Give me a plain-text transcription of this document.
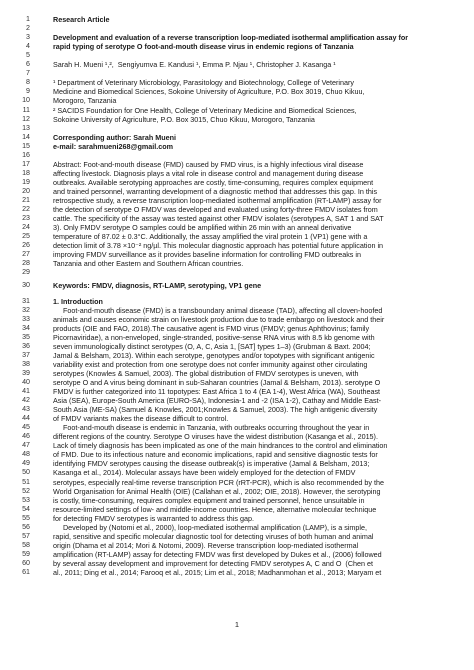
1	Research Article
2
3	Development and evaluation of a reverse transcription loop-mediated isothermal amplification assay for
4	rapid typing of serotype O foot-and-mouth disease virus in endemic regions of Tanzania
5
6	Sarah H. Mueni ¹,²,  Sengiyumva E. Kandusi ¹, Emma P. Njau ¹, Christopher J. Kasanga ¹
7
8	¹ Department of Veterinary Microbiology, Parasitology and Biotechnology, College of Veterinary
9	Medicine and Biomedical Sciences, Sokoine University of Agriculture, P.O. Box 3019, Chuo Kikuu,
10	Morogoro, Tanzania
11	² SACIDS Foundation for One Health, College of Veterinary Medicine and Biomedical Sciences,
12	Sokoine University of Agriculture, P.O. Box 3015, Chuo Kikuu, Morogoro, Tanzania
13
14	Corresponding author: Sarah Mueni
15	e-mail: sarahmueni268@gmail.com
16
17	Abstract: Foot-and-mouth disease (FMD) caused by FMD virus, is a highly infectious viral disease
18	affecting livestock. Diagnosis plays a vital role in disease control and management during disease
19	outbreaks. Available serotyping approaches are costly, time-consuming, requires complex equipment
20	and trained personnel, warranting development of a diagnostic method that addresses this gap. In this
21	retrospective study, a reverse transcription loop-mediated isothermal amplification (RT-LAMP) assay for
22	the detection of serotype O FMDV was developed and evaluated using forty-three FMDV isolates from
23	cattle. The specificity of the assay was tested against other FMDV isolates (serotypes A, SAT 1 and SAT
24	3). Only FMDV serotype O samples could be amplified within 26 min with an anneal derivative
25	temperature of 87.02 ± 0.3°C. Additionally, the assay amplified the viral protein 1 (VP1) gene with a
26	detection limit of 3.78 ×10⁻² ng/µl. This molecular diagnostic approach has potential future application in
27	improving FMDV surveillance as it provides baseline information for controlling FMD outbreaks in
28	Tanzania and other Eastern and Southern African countries.
29
30	Keywords: FMDV, diagnosis, RT-LAMP, serotyping, VP1 gene
31	1. Introduction
32	Foot-and-mouth disease (FMD) is a transboundary animal disease (TAD), affecting all cloven-hoofed
33	animals and causes economic strain on livestock production due to trade embargo on livestock and their
34	products (OIE and FAO, 2018).The causative agent is FMD virus (FMDV; genus Aphthovirus; family
35	Picornaviridae), a non-enveloped, single-stranded, positive-sense RNA virus with 8.5 kb genome with
36	seven immunologically distinct serotypes (O, A, C, Asia 1, [SAT] types 1–3) (Grubman & Baxt. 2004;
37	Jamal & Belsham, 2013). Within each serotype, genotypes and/or topotypes with significant antigenic
38	variability exist and protection from one serotype does not confer immunity against other circulating
39	serotypes (Knowles & Samuel, 2003). The global distribution of FMDV serotypes is uneven, with
40	serotype O and A virus being dominant in sub-Saharan countries (Jamal & Belsham, 2013). serotype O
41	FMDV is further categorized into 11 topotypes: East Africa 1 to 4 (EA 1-4), West Africa (WA), Southeast
42	Asia (SEA), Europe-South America (EURO-SA), Indonesia-1 and -2 (ISA 1-2), Cathay and Middle East-
43	South Asia (ME-SA) (Samuel & Knowles, 2001;Knowles & Samuel, 2003). The high antigenic diversity
44	of FMDV variants makes the disease difficult to control.
45	Foot-and-mouth disease is endemic in Tanzania, with outbreaks occurring throughout the year in
46	different regions of the country. Serotype O viruses have the widest distribution (Kasanga et al., 2015).
47	Lack of timely diagnosis has been implicated as one of the main hindrances to the control and elimination
48	of FMD. Due to its infectious nature and economic implications, rapid and sensitive diagnostic tests for
49	identifying FMDV serotypes causing the disease outbreak(s) is imperative (Jamal & Belsham, 2013;
50	Kasanga et al., 2014). Molecular assays have been widely employed for the detection of FMDV
51	serotypes, especially real-time reverse transcription PCR (rRT-PCR), which is also recommended by the
52	World Organisation for Animal Health (OIE) (Callahan et al., 2002; OIE, 2018). However, the serotyping
53	is costly, time-consuming, requires complex equipment and trained personnel, hence unsuitable in
54	resource-limited settings of low- and middle-income countries. Hence, alternative molecular technique
55	for detecting FMDV serotypes is warranted to address this gap.
56	Developed by (Notomi et al., 2000), loop-mediated isothermal amplification (LAMP), is a simple,
57	rapid, sensitive and specific molecular diagnostic tool for detecting viruses of both human and animal
58	origin (Dhama et al 2014; Mori & Notomi, 2009). Reverse transcription loop-mediated isothermal
59	amplification (RT-LAMP) assay for detecting FMDV was first developed by Dukes et al., (2006) followed
60	by several assay development and improvement for detecting FMDV serotypes A, C and O  (Chen et
61	al., 2011; Ding et al., 2014; Farooq et al., 2015; Lim et al., 2018; Madhanmohan et al., 2013; Maryam et
1
